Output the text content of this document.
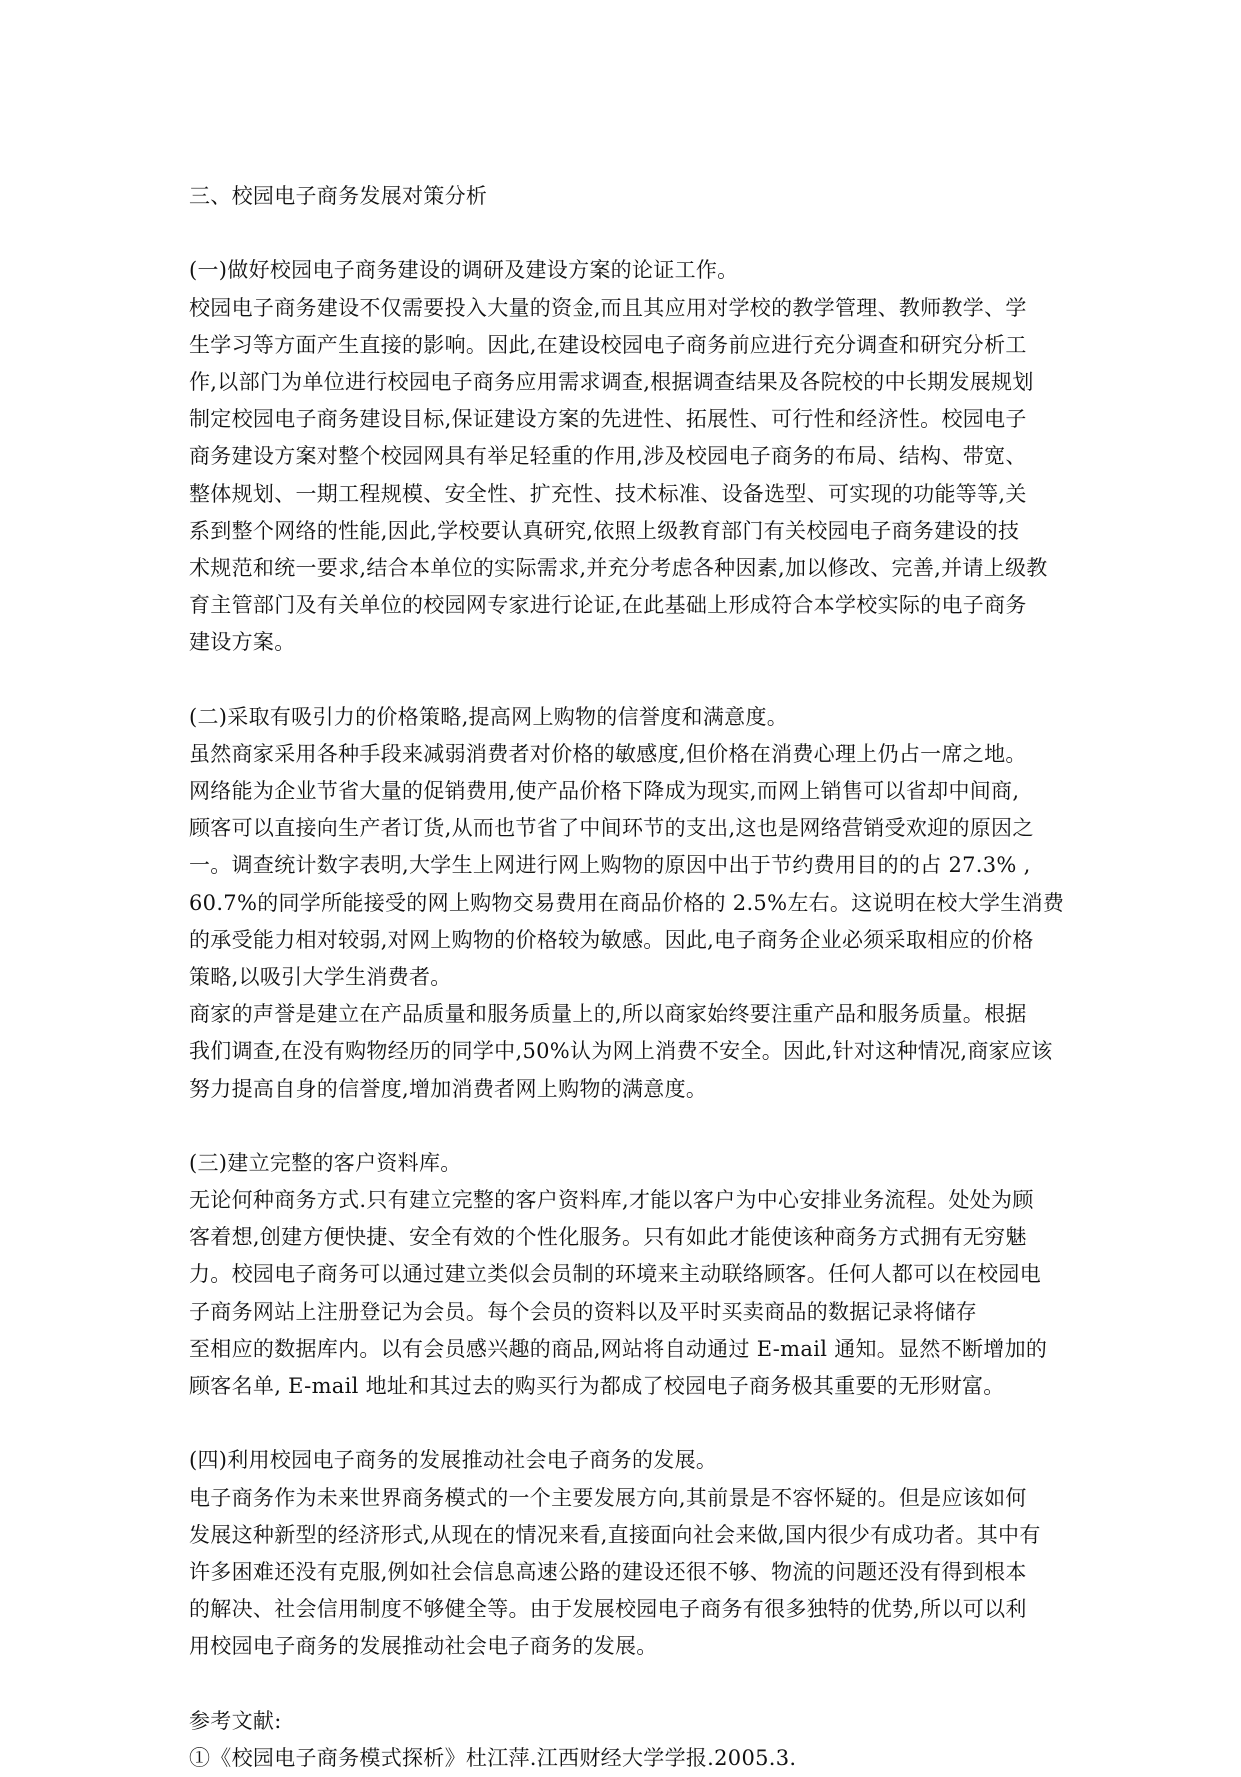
三、校园电子商务发展对策分析
(一)做好校园电子商务建设的调研及建设方案的论证工作。
校园电子商务建设不仅需要投入大量的资金,而且其应用对学校的教学管理、教师教学、学
生学习等方面产生直接的影响。因此,在建设校园电子商务前应进行充分调查和研究分析工
作,以部门为单位进行校园电子商务应用需求调查,根据调查结果及各院校的中长期发展规划
制定校园电子商务建设目标,保证建设方案的先进性、拓展性、可行性和经济性。校园电子
商务建设方案对整个校园网具有举足轻重的作用,涉及校园电子商务的布局、结构、带宽、
整体规划、一期工程规模、安全性、扩充性、技术标准、设备选型、可实现的功能等等,关
系到整个网络的性能,因此,学校要认真研究,依照上级教育部门有关校园电子商务建设的技
术规范和统一要求,结合本单位的实际需求,并充分考虑各种因素,加以修改、完善,并请上级教
育主管部门及有关单位的校园网专家进行论证,在此基础上形成符合本学校实际的电子商务
建设方案。
(二)采取有吸引力的价格策略,提高网上购物的信誉度和满意度。
虽然商家采用各种手段来减弱消费者对价格的敏感度,但价格在消费心理上仍占一席之地。
网络能为企业节省大量的促销费用,使产品价格下降成为现实,而网上销售可以省却中间商,
顾客可以直接向生产者订货,从而也节省了中间环节的支出,这也是网络营销受欢迎的原因之
一。调查统计数字表明,大学生上网进行网上购物的原因中出于节约费用目的的占 27.3% ,
60.7%的同学所能接受的网上购物交易费用在商品价格的 2.5%左右。这说明在校大学生消费
的承受能力相对较弱,对网上购物的价格较为敏感。因此,电子商务企业必须采取相应的价格
策略,以吸引大学生消费者。
商家的声誉是建立在产品质量和服务质量上的,所以商家始终要注重产品和服务质量。根据
我们调查,在没有购物经历的同学中,50%认为网上消费不安全。因此,针对这种情况,商家应该
努力提高自身的信誉度,增加消费者网上购物的满意度。
(三)建立完整的客户资料库。
无论何种商务方式.只有建立完整的客户资料库,才能以客户为中心安排业务流程。处处为顾
客着想,创建方便快捷、安全有效的个性化服务。只有如此才能使该种商务方式拥有无穷魅
力。校园电子商务可以通过建立类似会员制的环境来主动联络顾客。任何人都可以在校园电
子商务网站上注册登记为会员。每个会员的资料以及平时买卖商品的数据记录将储存
至相应的数据库内。以有会员感兴趣的商品,网站将自动通过 E-mail 通知。显然不断增加的
顾客名单, E-mail 地址和其过去的购买行为都成了校园电子商务极其重要的无形财富。
(四)利用校园电子商务的发展推动社会电子商务的发展。
电子商务作为未来世界商务模式的一个主要发展方向,其前景是不容怀疑的。但是应该如何
发展这种新型的经济形式,从现在的情况来看,直接面向社会来做,国内很少有成功者。其中有
许多困难还没有克服,例如社会信息高速公路的建设还很不够、物流的问题还没有得到根本
的解决、社会信用制度不够健全等。由于发展校园电子商务有很多独特的优势,所以可以利
用校园电子商务的发展推动社会电子商务的发展。
参考文献:
①《校园电子商务模式探析》杜江萍.江西财经大学学报.2005.3.
